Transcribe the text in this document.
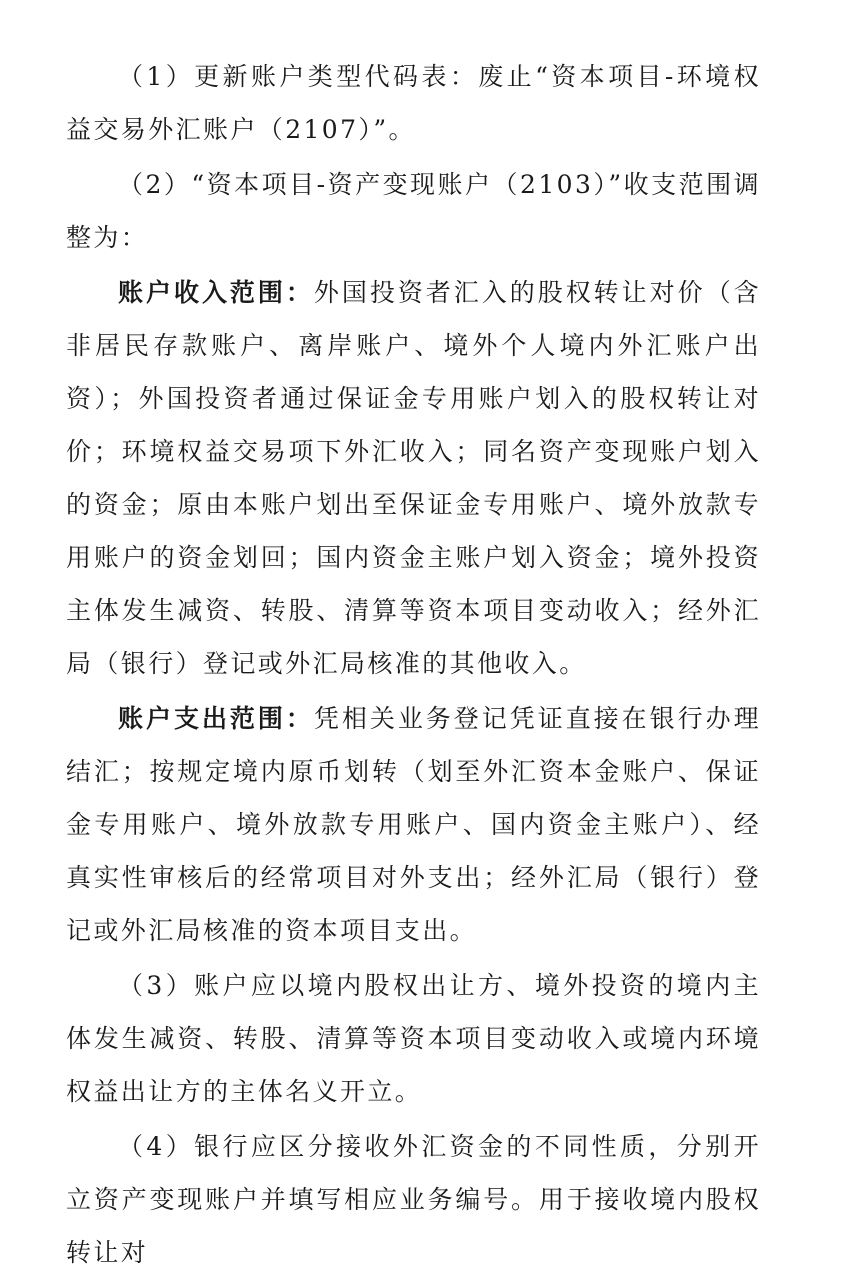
（1）更新账户类型代码表：废止“资本项目-环境权益交易外汇账户（2107）”。

（2）“资本项目-资产变现账户（2103）”收支范围调整为：

账户收入范围：外国投资者汇入的股权转让对价（含非居民存款账户、离岸账户、境外个人境内外汇账户出资）；外国投资者通过保证金专用账户划入的股权转让对价；环境权益交易项下外汇收入；同名资产变现账户划入的资金；原由本账户划出至保证金专用账户、境外放款专用账户的资金划回；国内资金主账户划入资金；境外投资主体发生减资、转股、清算等资本项目变动收入；经外汇局（银行）登记或外汇局核准的其他收入。

账户支出范围：凭相关业务登记凭证直接在银行办理结汇；按规定境内原币划转（划至外汇资本金账户、保证金专用账户、境外放款专用账户、国内资金主账户）、经真实性审核后的经常项目对外支出；经外汇局（银行）登记或外汇局核准的资本项目支出。

（3）账户应以境内股权出让方、境外投资的境内主体发生减资、转股、清算等资本项目变动收入或境内环境权益出让方的主体名义开立。

（4）银行应区分接收外汇资金的不同性质，分别开立资产变现账户并填写相应业务编号。用于接收境内股权转让对
